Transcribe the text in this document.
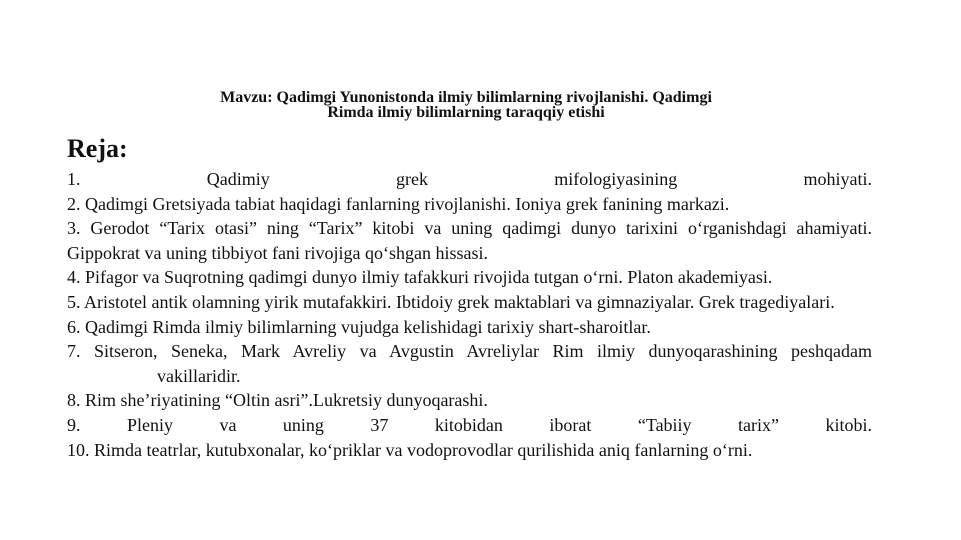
Mavzu: Qadimgi Yunonistonda ilmiy bilimlarning rivojlanishi. Qadimgi
Rimda ilmiy bilimlarning taraqqiy etishi
Reja:
1. Qadimiy grek mifologiyasining mohiyati.
2. Qadimgi Gretsiyada tabiat haqidagi fanlarning rivojlanishi. Ioniya grek fanining markazi.
3. Gerodot “Tarix otasi” ning “Tarix” kitobi va uning qadimgi dunyo tarixini o‘rganishdagi ahamiyati. Gippokrat va uning tibbiyot fani rivojiga qo‘shgan hissasi.
4. Pifagor va Suqrotning qadimgi dunyo ilmiy tafakkuri rivojida tutgan o‘rni. Platon akademiyasi.
5. Aristotel antik olamning yirik mutafakkiri. Ibtidoiy grek maktablari va gimnaziyalar. Grek tragediyalari.
6. Qadimgi Rimda ilmiy bilimlarning vujudga kelishidagi tarixiy shart-sharoitlar.
7. Sitseron, Seneka, Mark Avreliy va Avgustin Avreliylar Rim ilmiy dunyoqarashining peshqadam
vakillaridir.
8. Rim she’riyatining “Oltin asri”.Lukretsiy dunyoqarashi.
9. Pleniy va uning 37 kitobidan iborat “Tabiiy tarix” kitobi.
10. Rimda teatrlar, kutubxonalar, ko‘priklar va vodoprovodlar qurilishida aniq fanlarning o‘rni.
